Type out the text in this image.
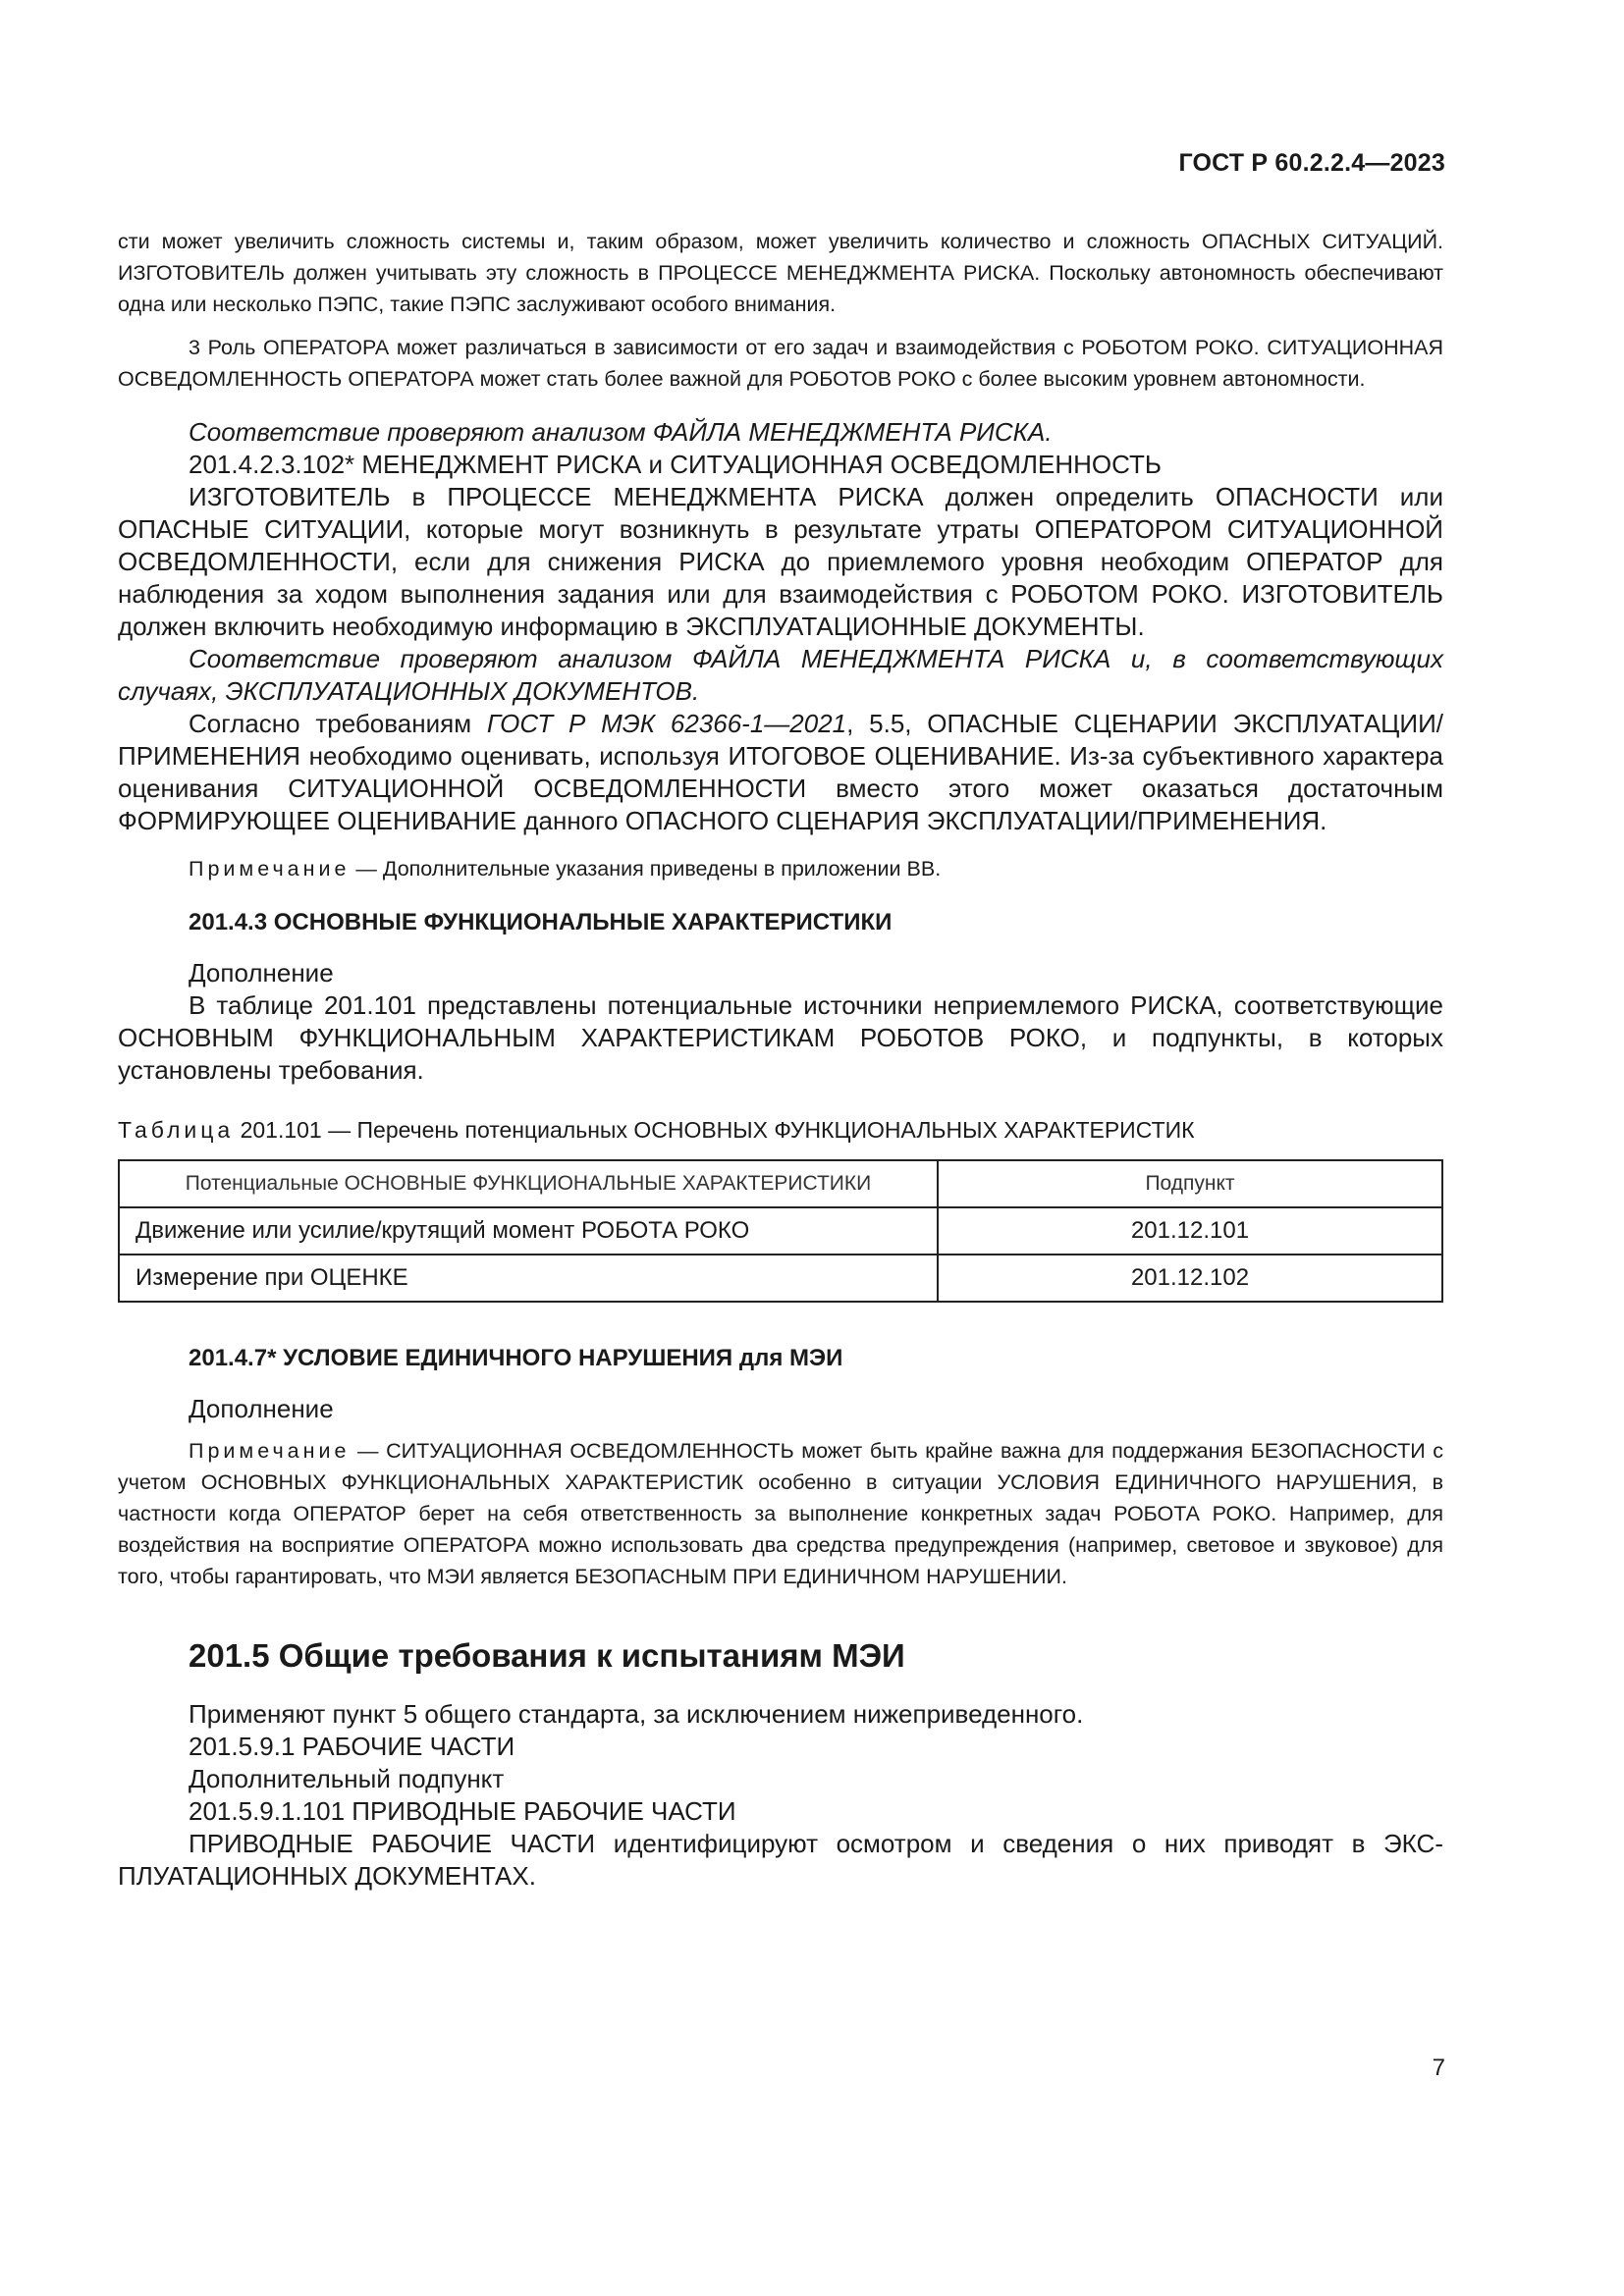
ГОСТ Р 60.2.2.4—2023

сти может увеличить сложность системы и, таким образом, может увеличить количество и сложность ОПАСНЫХ СИТУАЦИЙ. ИЗГОТОВИТЕЛЬ должен учитывать эту сложность в ПРОЦЕССЕ МЕНЕДЖМЕНТА РИСКА. Поскольку автономность обеспечивают одна или несколько ПЭПС, такие ПЭПС заслуживают особого внимания.

3 Роль ОПЕРАТОРА может различаться в зависимости от его задач и взаимодействия с РОБОТОМ РОКО. СИТУАЦИОННАЯ ОСВЕДОМЛЕННОСТЬ ОПЕРАТОРА может стать более важной для РОБОТОВ РОКО с более высоким уровнем автономности.

Соответствие проверяют анализом ФАЙЛА МЕНЕДЖМЕНТА РИСКА.

201.4.2.3.102* МЕНЕДЖМЕНТ РИСКА и СИТУАЦИОННАЯ ОСВЕДОМЛЕННОСТЬ

ИЗГОТОВИТЕЛЬ в ПРОЦЕССЕ МЕНЕДЖМЕНТА РИСКА должен определить ОПАСНОСТИ или ОПАСНЫЕ СИТУАЦИИ, которые могут возникнуть в результате утраты ОПЕРАТОРОМ СИТУАЦИОННОЙ ОСВЕДОМЛЕННОСТИ, если для снижения РИСКА до приемлемого уровня необходим ОПЕРАТОР для наблюдения за ходом выполнения задания или для взаимодействия с РОБОТОМ РОКО. ИЗГОТОВИТЕЛЬ должен включить необходимую информацию в ЭКСПЛУАТАЦИОННЫЕ ДОКУМЕНТЫ.

Соответствие проверяют анализом ФАЙЛА МЕНЕДЖМЕНТА РИСКА и, в соответствующих случаях, ЭКСПЛУАТАЦИОННЫХ ДОКУМЕНТОВ.

Согласно требованиям ГОСТ Р МЭК 62366-1—2021, 5.5, ОПАСНЫЕ СЦЕНАРИИ ЭКСПЛУАТАЦИИ/ПРИМЕНЕНИЯ необходимо оценивать, используя ИТОГОВОЕ ОЦЕНИВАНИЕ. Из-за субъективного характера оценивания СИТУАЦИОННОЙ ОСВЕДОМЛЕННОСТИ вместо этого может оказаться достаточным ФОРМИРУЮЩЕЕ ОЦЕНИВАНИЕ данного ОПАСНОГО СЦЕНАРИЯ ЭКСПЛУАТАЦИИ/ПРИМЕНЕНИЯ.

Примечание — Дополнительные указания приведены в приложении ВВ.

201.4.3 ОСНОВНЫЕ ФУНКЦИОНАЛЬНЫЕ ХАРАКТЕРИСТИКИ

Дополнение

В таблице 201.101 представлены потенциальные источники неприемлемого РИСКА, соответствующие ОСНОВНЫМ ФУНКЦИОНАЛЬНЫМ ХАРАКТЕРИСТИКАМ РОБОТОВ РОКО, и подпункты, в которых установлены требования.

Таблица 201.101 — Перечень потенциальных ОСНОВНЫХ ФУНКЦИОНАЛЬНЫХ ХАРАКТЕРИСТИК

Потенциальные ОСНОВНЫЕ ФУНКЦИОНАЛЬНЫЕ ХАРАКТЕРИСТИКИ	Подпункт
Движение или усилие/крутящий момент РОБОТА РОКО	201.12.101
Измерение при ОЦЕНКЕ	201.12.102

201.4.7* УСЛОВИЕ ЕДИНИЧНОГО НАРУШЕНИЯ для МЭИ

Дополнение

Примечание — СИТУАЦИОННАЯ ОСВЕДОМЛЕННОСТЬ может быть крайне важна для поддержания БЕЗОПАСНОСТИ с учетом ОСНОВНЫХ ФУНКЦИОНАЛЬНЫХ ХАРАКТЕРИСТИК особенно в ситуации УСЛОВИЯ ЕДИНИЧНОГО НАРУШЕНИЯ, в частности когда ОПЕРАТОР берет на себя ответственность за выполнение конкретных задач РОБОТА РОКО. Например, для воздействия на восприятие ОПЕРАТОРА можно использовать два средства предупреждения (например, световое и звуковое) для того, чтобы гарантировать, что МЭИ является БЕЗОПАСНЫМ ПРИ ЕДИНИЧНОМ НАРУШЕНИИ.

201.5 Общие требования к испытаниям МЭИ

Применяют пункт 5 общего стандарта, за исключением нижеприведенного.

201.5.9.1 РАБОЧИЕ ЧАСТИ

Дополнительный подпункт

201.5.9.1.101 ПРИВОДНЫЕ РАБОЧИЕ ЧАСТИ

ПРИВОДНЫЕ РАБОЧИЕ ЧАСТИ идентифицируют осмотром и сведения о них приводят в ЭКСПЛУАТАЦИОННЫХ ДОКУМЕНТАХ.

7
